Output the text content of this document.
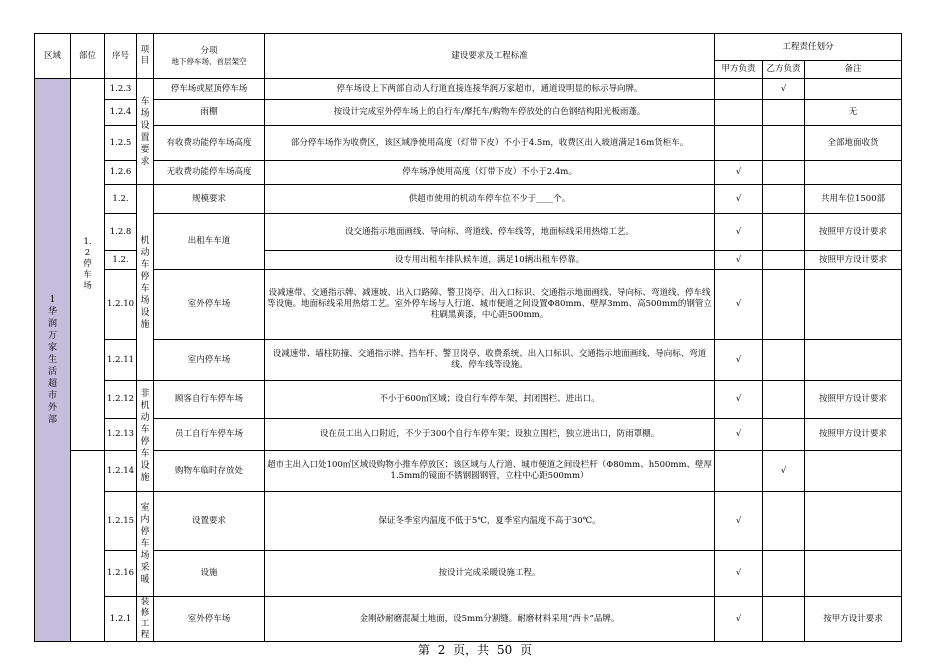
区域	部位	序号	项目	分项
地下停车场、首层架空	建设要求及工程标准	工程责任划分		
						甲方负责	乙方负责	备注

1华润万家生活超市外部	1.2停车场	1.2.3	车场设置要求	停车场或屋顶停车场	停车场设上下两部自动人行道直接连接华润万家超市，通道设明显的标示导向牌。		√	
		1.2.4		雨棚	按设计完成室外停车场上的自行车/摩托车/购物车停放处的白色钢结构阳光板雨蓬。			无
		1.2.5		有收费功能停车场高度	部分停车场作为收费区，该区域净使用高度（灯带下皮）不小于4.5m，收费区出入坡道满足16m货柜车。			全部地面收货
		1.2.6		无收费功能停车场高度	停车场净使用高度（灯带下皮）不小于2.4m。	√		
		1.2.	机动车停车场设施	规模要求	供超市使用的机动车停车位不少于____个。	√		共用车位1500部
		1.2.8		出租车车道	设交通指示地面画线、导向标、弯道线、停车线等，地面标线采用热熔工艺。	√		按照甲方设计要求
		1.2.			设专用出租车排队候车道，满足10辆出租车停靠。	√		按照甲方设计要求
		1.2.10		室外停车场	设减速带、交通指示牌、减速坡、出入口路障、警卫岗亭、出入口标识、交通指示地面画线、导向标、弯道线、停车线等设施。地面标线采用热熔工艺。室外停车场与人行道、城市便道之间设置Φ80mm、壁厚3mm、高500mm的钢管立柱刷黑黄漆，中心距500mm。	√		
		1.2.11		室内停车场	设减速带、墙柱防撞、交通指示牌、挡车杆、警卫岗亭、收费系统、出入口标识、交通指示地面画线、导向标、弯道线、停车线等设施。	√		
		1.2.12	非机动车停车设施	顾客自行车停车场	不小于600㎡区域；设自行车停车架，封闭围栏、进出口。	√		按照甲方设计要求
		1.2.13		员工自行车停车场	设在员工出入口附近，不少于300个自行车停车架；设独立围栏，独立进出口，防雨罩棚。	√		按照甲方设计要求
		1.2.14		购物车临时存放处	超市主出入口处100㎡区域设购物小推车停放区；该区域与人行道、城市便道之间设栏杆（Φ80mm、h500mm、壁厚1.5mm的镜面不锈钢圆钢管，立柱中心距500mm）		√	
		1.2.15	室内停车场采暖	设置要求	保证冬季室内温度不低于5℃，夏季室内温度不高于30℃。	√		
		1.2.16		设施	按设计完成采暖设施工程。	√		
		1.2.1	装修工程	室外停车场	金刚砂耐磨混凝土地面，设5mm分割缝。耐磨材料采用“西卡”品牌。	√		按甲方设计要求
第 2 页，共 50 页
